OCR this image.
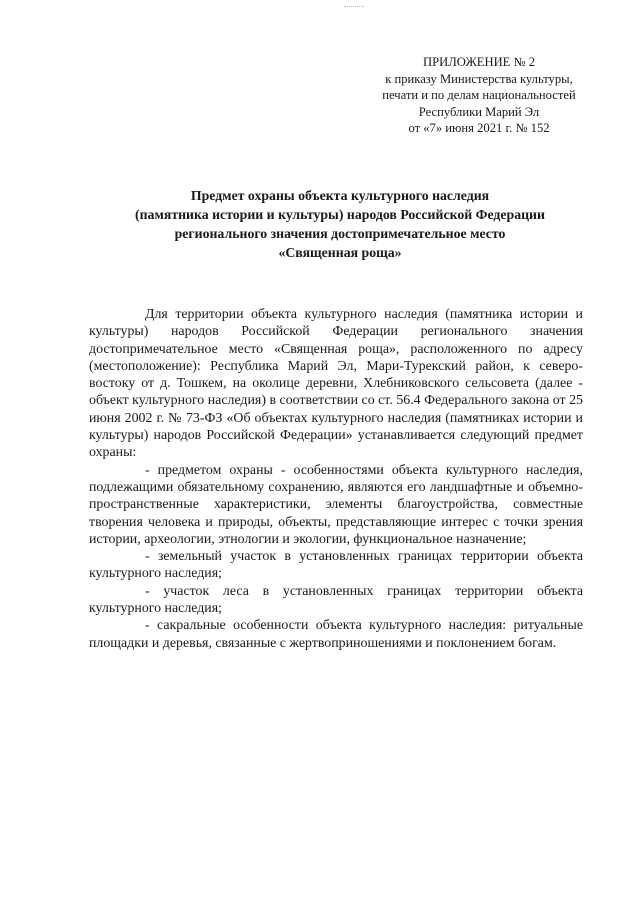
ПРИЛОЖЕНИЕ № 2
к приказу Министерства культуры,
печати и по делам национальностей
Республики Марий Эл
от «7» июня 2021 г. № 152
Предмет охраны объекта культурного наследия
(памятника истории и культуры) народов Российской Федерации
регионального значения достопримечательное место
«Священная роща»

Для территории объекта культурного наследия (памятника истории и культуры) народов Российской Федерации регионального значения достопримечательное место «Священная роща», расположенного по адресу (местоположение): Республика Марий Эл, Мари-Турекский район, к северо-востоку от д. Тошкем, на околице деревни, Хлебниковского сельсовета (далее - объект культурного наследия) в соответствии со ст. 56.4 Федерального закона от 25 июня 2002 г. № 73-ФЗ «Об объектах культурного наследия (памятниках истории и культуры) народов Российской Федерации» устанавливается следующий предмет охраны:

- предметом охраны - особенностями объекта культурного наследия, подлежащими обязательному сохранению, являются его ландшафтные и объемно-пространственные характеристики, элементы благоустройства, совместные творения человека и природы, объекты, представляющие интерес с точки зрения истории, археологии, этнологии и экологии, функциональное назначение;

- земельный участок в установленных границах территории объекта культурного наследия;

- участок леса в установленных границах территории объекта культурного наследия;

- сакральные особенности объекта культурного наследия: ритуальные площадки и деревья, связанные с жертвоприношениями и поклонением богам.
